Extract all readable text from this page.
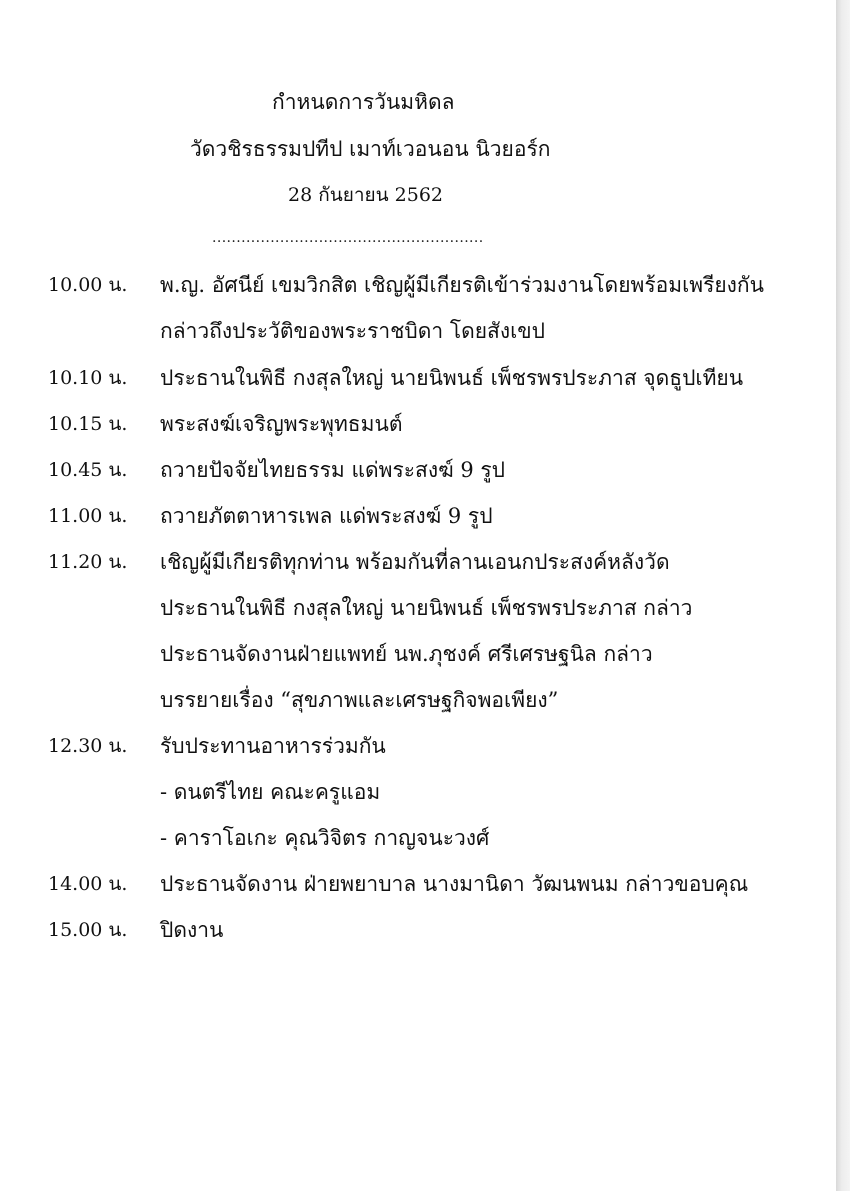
กำหนดการวันมหิดล
วัดวชิรธรรมปทีป เมาท์เวอนอน นิวยอร์ก
28 กันยายน 2562
........................................................
10.00 น. พ.ญ. อัศนีย์ เขมวิกสิต เชิญผู้มีเกียรติเข้าร่วมงานโดยพร้อมเพรียงกัน
กล่าวถึงประวัติของพระราชบิดา โดยสังเขป
10.10 น. ประธานในพิธี กงสุลใหญ่ นายนิพนธ์ เพ็ชรพรประภาส จุดธูปเทียน
10.15 น. พระสงฆ์เจริญพระพุทธมนต์
10.45 น. ถวายปัจจัยไทยธรรม แด่พระสงฆ์ 9 รูป
11.00 น. ถวายภัตตาหารเพล แด่พระสงฆ์ 9 รูป
11.20 น. เชิญผู้มีเกียรติทุกท่าน พร้อมกันที่ลานเอนกประสงค์หลังวัด
ประธานในพิธี กงสุลใหญ่ นายนิพนธ์ เพ็ชรพรประภาส กล่าว
ประธานจัดงานฝ่ายแพทย์ นพ.ภุชงค์ ศรีเศรษฐนิล กล่าว
บรรยายเรื่อง “สุขภาพและเศรษฐกิจพอเพียง”
12.30 น. รับประทานอาหารร่วมกัน
- ดนตรีไทย คณะครูแอม
- คาราโอเกะ คุณวิจิตร กาญจนะวงศ์
14.00 น. ประธานจัดงาน ฝ่ายพยาบาล นางมานิดา วัฒนพนม กล่าวขอบคุณ
15.00 น. ปิดงาน
